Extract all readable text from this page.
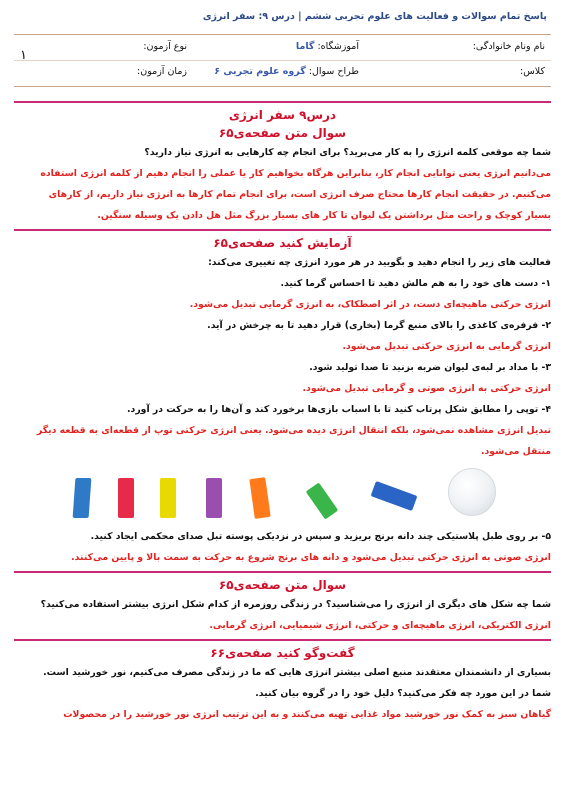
پاسخ تمام سوالات و فعالیت های علوم تجربی ششم | درس ۹: سفر انرژی
نام ونام خانوادگی:
آموزشگاه: گاما
نوع آزمون:
کلاس:
طراح سوال: گروه علوم تجربی ۶
زمان آزمون:
۱
درس۹ سفر انرژی
سوال متن صفحه‌ی۶۵
شما چه موقعی کلمه انرژی را به کار می‌برید؟ برای انجام چه کارهایی به انرژی نیاز دارید؟
می‌دانیم انرژی یعنی توانایی انجام کار، بنابراین هرگاه بخواهیم کار یا عملی را انجام دهیم از کلمه انرژی استفاده
می‌کنیم. در حقیقت انجام کارها محتاج صرف انرژی است، برای انجام تمام کارها به انرژی نیاز داریم، از کارهای
بسیار کوچک و راحت مثل برداشتن یک لیوان تا کار های بسیار بزرگ مثل هل دادن یک وسیله سنگین.
آزمایش کنید صفحه‌ی۶۵
فعالیت های زیر را انجام دهید و بگویید در هر مورد انرژی چه تغییری می‌کند:
۱- دست های خود را به هم مالش دهید تا احساس گرما کنید.
انرژی حرکتی ماهیچه‌ای دست، در اثر اصطکاک، به انرژی گرمایی تبدیل می‌شود.
۲- فرفره‌ی کاغذی را بالای منبع گرما (بخاری) قرار دهید تا به چرخش در آید.
انرژی گرمایی به انرژی حرکتی تبدیل می‌شود.
۳- با مداد بر لبه‌ی لیوان ضربه بزنید تا صدا تولید شود.
انرژی حرکتی به انرژی صوتی و گرمایی تبدیل می‌شود.
۴- توپی را مطابق شکل پرتاب کنید تا با اسباب بازی‌ها برخورد کند و آن‌ها را به حرکت در آورد.
تبدیل انرژی مشاهده نمی‌شود، بلکه انتقال انرژی دیده می‌شود. یعنی انرژی حرکتی توپ از قطعه‌ای به قطعه دیگر
منتقل می‌شود.
۵- بر روی طبل پلاستیکی چند دانه برنج بریزید و سپس در نزدیکی پوسته تبل صدای محکمی ایجاد کنید.
انرژی صوتی به انرژی حرکتی تبدیل می‌شود و دانه های برنج شروع به حرکت به سمت بالا و پایین می‌کنند.
سوال متن صفحه‌ی۶۵
شما چه شکل های دیگری از انرژی را می‌شناسید؟ در زندگی روزمره از کدام شکل انرژی بیشتر استفاده می‌کنید؟
انرژی الکتریکی، انرژی ماهیچه‌ای و حرکتی، انرژی شیمیایی، انرژی گرمایی.
گفت‌وگو کنید صفحه‌ی۶۶
بسیاری از دانشمندان معتقدند منبع اصلی بیشتر انرژی هایی که ما در زندگی مصرف می‌کنیم، نور خورشید است.
شما در این مورد چه فکر می‌کنید؟ دلیل خود را در گروه بیان کنید.
گیاهان سبز به کمک نور خورشید مواد غذایی تهیه می‌کنند و به این ترتیب انرژی نور خورشید را در محصولات
